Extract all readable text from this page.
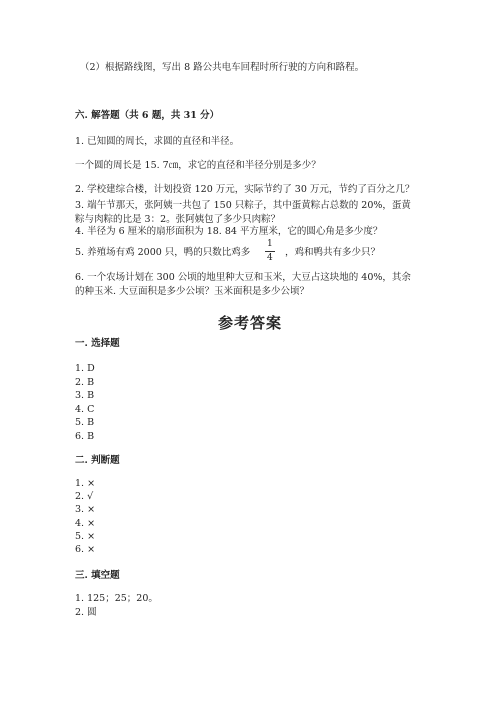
（2）根据路线图，写出 8 路公共电车回程时所行驶的方向和路程。
六. 解答题（共 6 题，共 31 分）
1. 已知圆的周长，求圆的直径和半径。
一个圆的周长是 15. 7㎝，求它的直径和半径分别是多少？
2. 学校建综合楼，计划投资 120 万元，实际节约了 30 万元，节约了百分之几？
3. 端午节那天，张阿姨一共包了 150 只粽子，其中蛋黄粽占总数的 20%，蛋黄
粽与肉粽的比是 3：2。张阿姨包了多少只肉粽？
4. 半径为 6 厘米的扇形面积为 18. 84 平方厘米，它的圆心角是多少度？
5. 养殖场有鸡 2000 只，鸭的只数比鸡多
1
4 ，鸡和鸭共有多少只？
6. 一个农场计划在 300 公顷的地里种大豆和玉米，大豆占这块地的 40%，其余
的种玉米. 大豆面积是多少公顷？玉米面积是多少公顷？
参考答案
一. 选择题
1. D
2. B
3. B
4. C
5. B
6. B
二. 判断题
1. ×
2. √
3. ×
4. ×
5. ×
6. ×
三. 填空题
1. 125；25；20。
2. 圆
